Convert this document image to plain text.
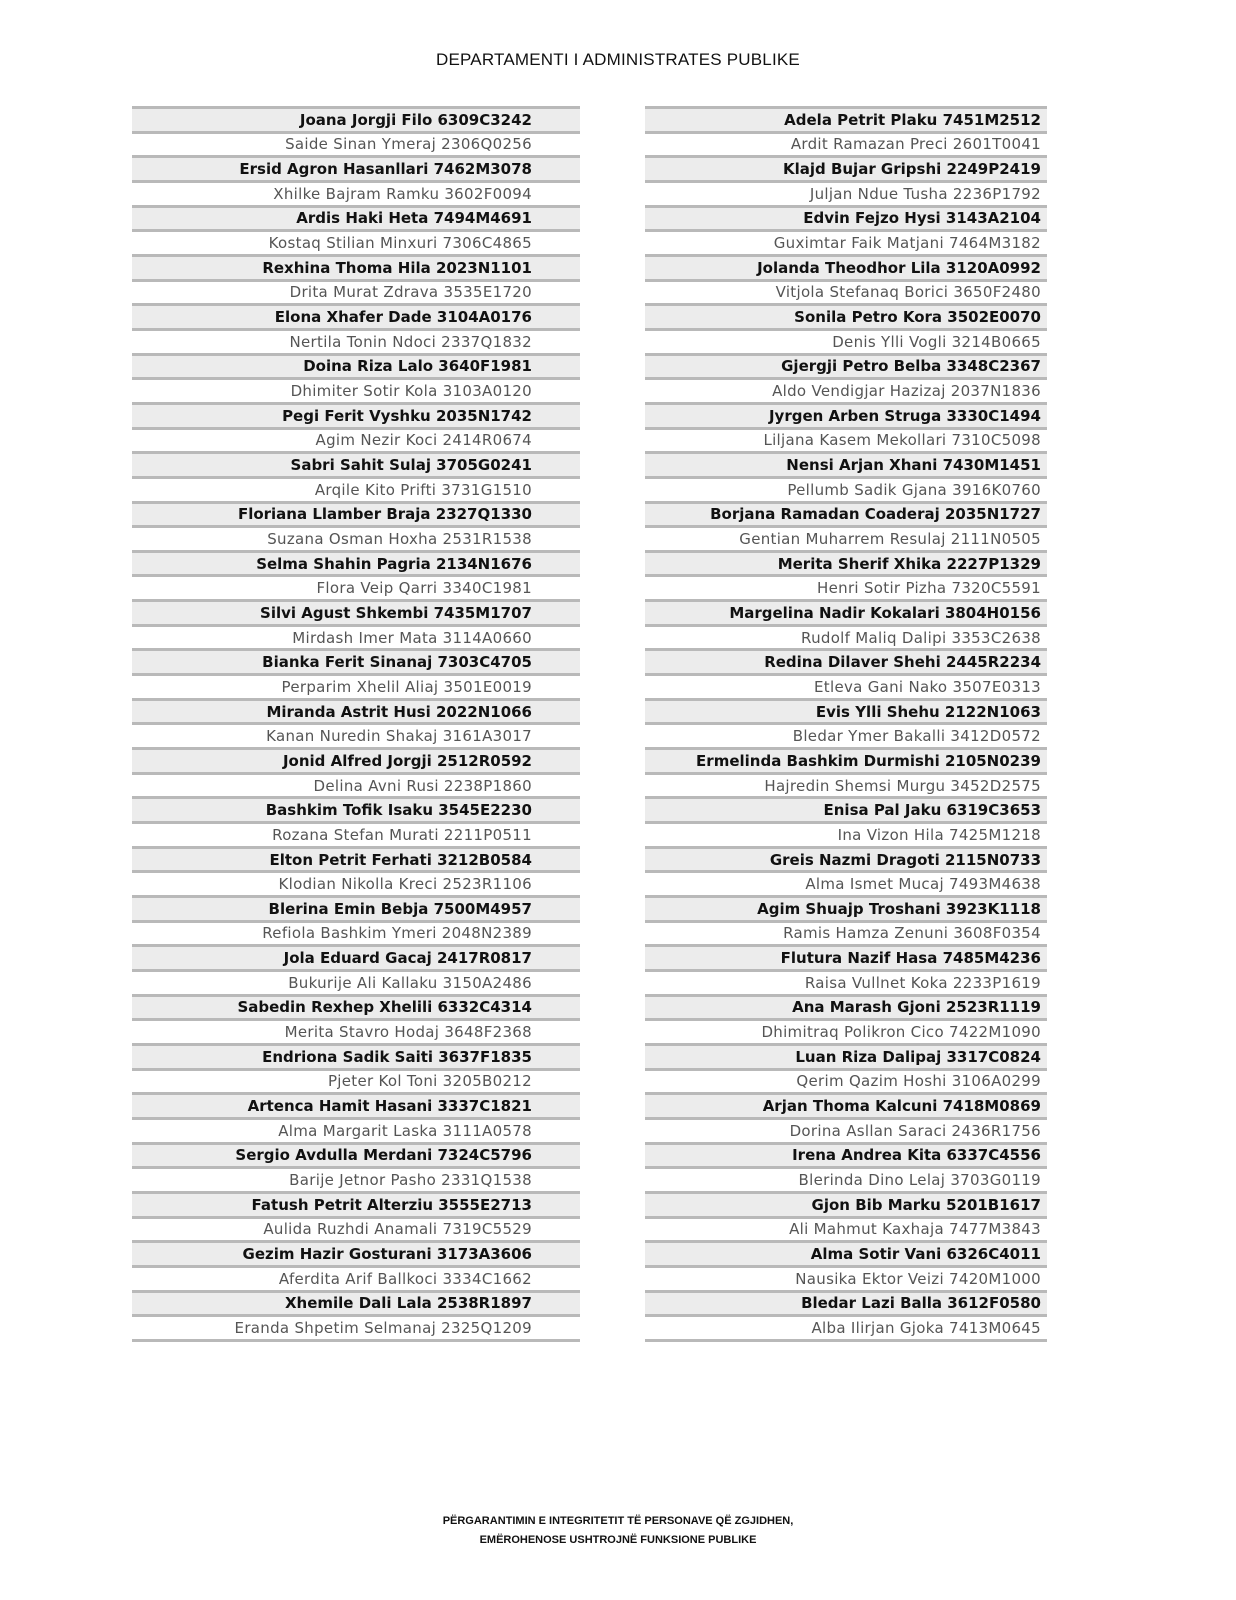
DEPARTAMENTI I ADMINISTRATES PUBLIKE
Joana Jorgji Filo 6309C3242
Saide Sinan Ymeraj 2306Q0256
Ersid Agron Hasanllari 7462M3078
Xhilke Bajram Ramku 3602F0094
Ardis Haki Heta 7494M4691
Kostaq Stilian Minxuri 7306C4865
Rexhina Thoma Hila 2023N1101
Drita Murat Zdrava 3535E1720
Elona Xhafer Dade 3104A0176
Nertila Tonin Ndoci 2337Q1832
Doina Riza Lalo 3640F1981
Dhimiter Sotir Kola 3103A0120
Pegi Ferit Vyshku 2035N1742
Agim Nezir Koci 2414R0674
Sabri Sahit Sulaj 3705G0241
Arqile Kito Prifti 3731G1510
Floriana Llamber Braja 2327Q1330
Suzana Osman Hoxha 2531R1538
Selma Shahin Pagria 2134N1676
Flora Veip Qarri 3340C1981
Silvi Agust Shkembi 7435M1707
Mirdash Imer Mata 3114A0660
Bianka Ferit Sinanaj 7303C4705
Perparim Xhelil Aliaj 3501E0019
Miranda Astrit Husi 2022N1066
Kanan Nuredin Shakaj 3161A3017
Jonid Alfred Jorgji 2512R0592
Delina Avni Rusi 2238P1860
Bashkim Tofik Isaku 3545E2230
Rozana Stefan Murati 2211P0511
Elton Petrit Ferhati 3212B0584
Klodian Nikolla Kreci 2523R1106
Blerina Emin Bebja 7500M4957
Refiola Bashkim Ymeri 2048N2389
Jola Eduard Gacaj 2417R0817
Bukurije Ali Kallaku 3150A2486
Sabedin Rexhep Xhelili 6332C4314
Merita Stavro Hodaj 3648F2368
Endriona Sadik Saiti 3637F1835
Pjeter Kol Toni 3205B0212
Artenca Hamit Hasani 3337C1821
Alma Margarit Laska 3111A0578
Sergio Avdulla Merdani 7324C5796
Barije Jetnor Pasho 2331Q1538
Fatush Petrit Alterziu 3555E2713
Aulida Ruzhdi Anamali 7319C5529
Gezim Hazir Gosturani 3173A3606
Aferdita Arif Ballkoci 3334C1662
Xhemile Dali Lala 2538R1897
Eranda Shpetim Selmanaj 2325Q1209
Adela Petrit Plaku 7451M2512
Ardit Ramazan Preci 2601T0041
Klajd Bujar Gripshi 2249P2419
Juljan Ndue Tusha 2236P1792
Edvin Fejzo Hysi 3143A2104
Guximtar Faik Matjani 7464M3182
Jolanda Theodhor Lila 3120A0992
Vitjola Stefanaq Borici 3650F2480
Sonila Petro Kora 3502E0070
Denis Ylli Vogli 3214B0665
Gjergji Petro Belba 3348C2367
Aldo Vendigjar Hazizaj 2037N1836
Jyrgen Arben Struga 3330C1494
Liljana Kasem Mekollari 7310C5098
Nensi Arjan Xhani 7430M1451
Pellumb Sadik Gjana 3916K0760
Borjana Ramadan Coaderaj 2035N1727
Gentian Muharrem Resulaj 2111N0505
Merita Sherif Xhika 2227P1329
Henri Sotir Pizha 7320C5591
Margelina Nadir Kokalari 3804H0156
Rudolf Maliq Dalipi 3353C2638
Redina Dilaver Shehi 2445R2234
Etleva Gani Nako 3507E0313
Evis Ylli Shehu 2122N1063
Bledar Ymer Bakalli 3412D0572
Ermelinda Bashkim Durmishi 2105N0239
Hajredin Shemsi Murgu 3452D2575
Enisa Pal Jaku 6319C3653
Ina Vizon Hila 7425M1218
Greis Nazmi Dragoti 2115N0733
Alma Ismet Mucaj 7493M4638
Agim Shuajp Troshani 3923K1118
Ramis Hamza Zenuni 3608F0354
Flutura Nazif Hasa 7485M4236
Raisa Vullnet Koka 2233P1619
Ana Marash Gjoni 2523R1119
Dhimitraq Polikron Cico 7422M1090
Luan Riza Dalipaj 3317C0824
Qerim Qazim Hoshi 3106A0299
Arjan Thoma Kalcuni 7418M0869
Dorina Asllan Saraci 2436R1756
Irena Andrea Kita 6337C4556
Blerinda Dino Lelaj 3703G0119
Gjon Bib Marku 5201B1617
Ali Mahmut Kaxhaja 7477M3843
Alma Sotir Vani 6326C4011
Nausika Ektor Veizi 7420M1000
Bledar Lazi Balla 3612F0580
Alba Ilirjan Gjoka 7413M0645
PËRGARANTIMIN E INTEGRITETIT TË PERSONAVE QË ZGJIDHEN,
EMËROHENOSE USHTROJNË FUNKSIONE PUBLIKE
